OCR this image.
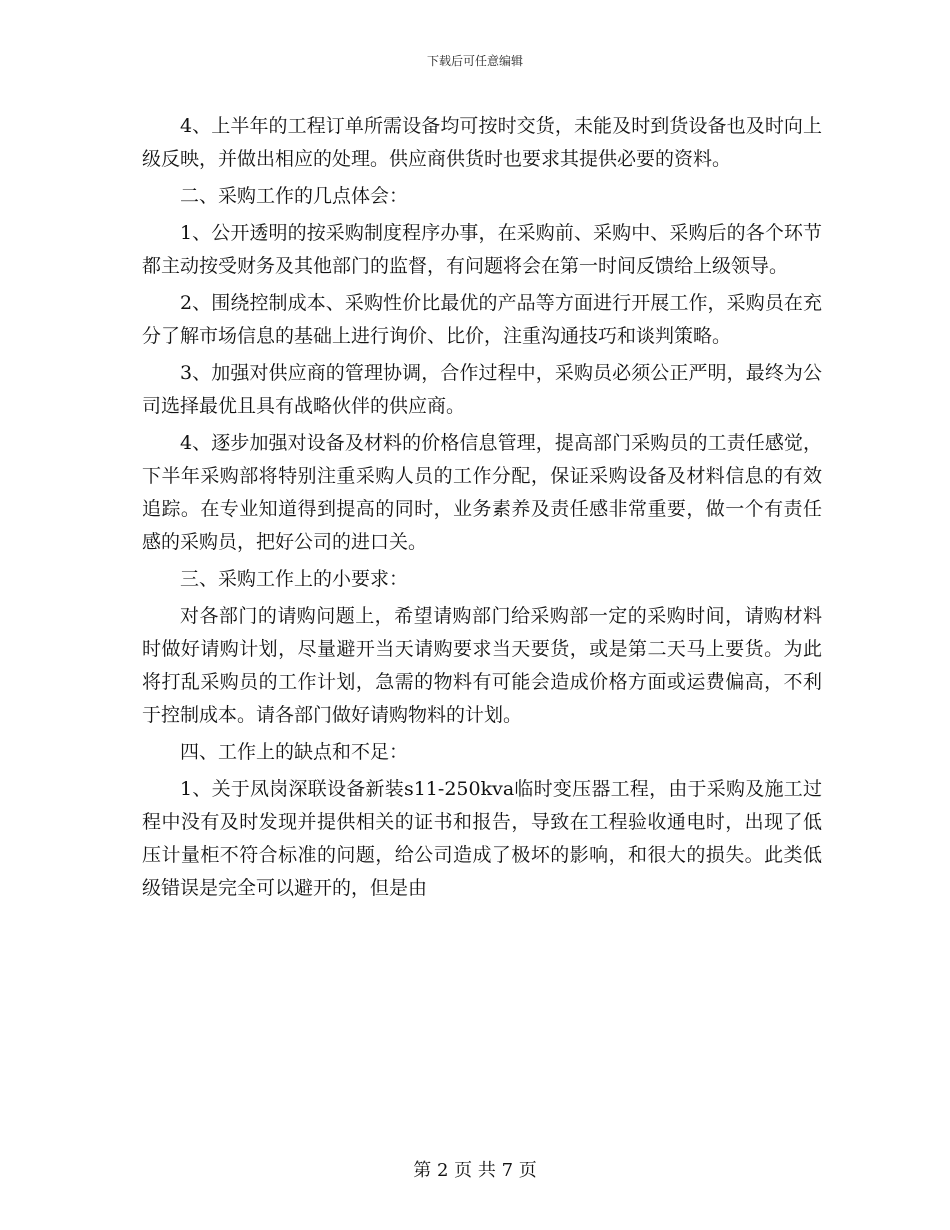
下载后可任意编辑

4、上半年的工程订单所需设备均可按时交货，未能及时到货设备也及时向上级反映，并做出相应的处理。供应商供货时也要求其提供必要的资料。

二、采购工作的几点体会：

1、公开透明的按采购制度程序办事，在采购前、采购中、采购后的各个环节都主动按受财务及其他部门的监督，有问题将会在第一时间反馈给上级领导。

2、围绕控制成本、采购性价比最优的产品等方面进行开展工作，采购员在充分了解市场信息的基础上进行询价、比价，注重沟通技巧和谈判策略。

3、加强对供应商的管理协调，合作过程中，采购员必须公正严明，最终为公司选择最优且具有战略伙伴的供应商。

4、逐步加强对设备及材料的价格信息管理，提高部门采购员的工责任感觉，下半年采购部将特别注重采购人员的工作分配，保证采购设备及材料信息的有效追踪。在专业知道得到提高的同时，业务素养及责任感非常重要，做一个有责任感的采购员，把好公司的进口关。

三、采购工作上的小要求：

对各部门的请购问题上，希望请购部门给采购部一定的采购时间，请购材料时做好请购计划，尽量避开当天请购要求当天要货，或是第二天马上要货。为此将打乱采购员的工作计划，急需的物料有可能会造成价格方面或运费偏高，不利于控制成本。请各部门做好请购物料的计划。

四、工作上的缺点和不足：

1、关于凤岗深联设备新装s11-250kva临时变压器工程，由于采购及施工过程中没有及时发现并提供相关的证书和报告，导致在工程验收通电时，出现了低压计量柜不符合标准的问题，给公司造成了极坏的影响，和很大的损失。此类低级错误是完全可以避开的，但是由

第 2 页 共 7 页
